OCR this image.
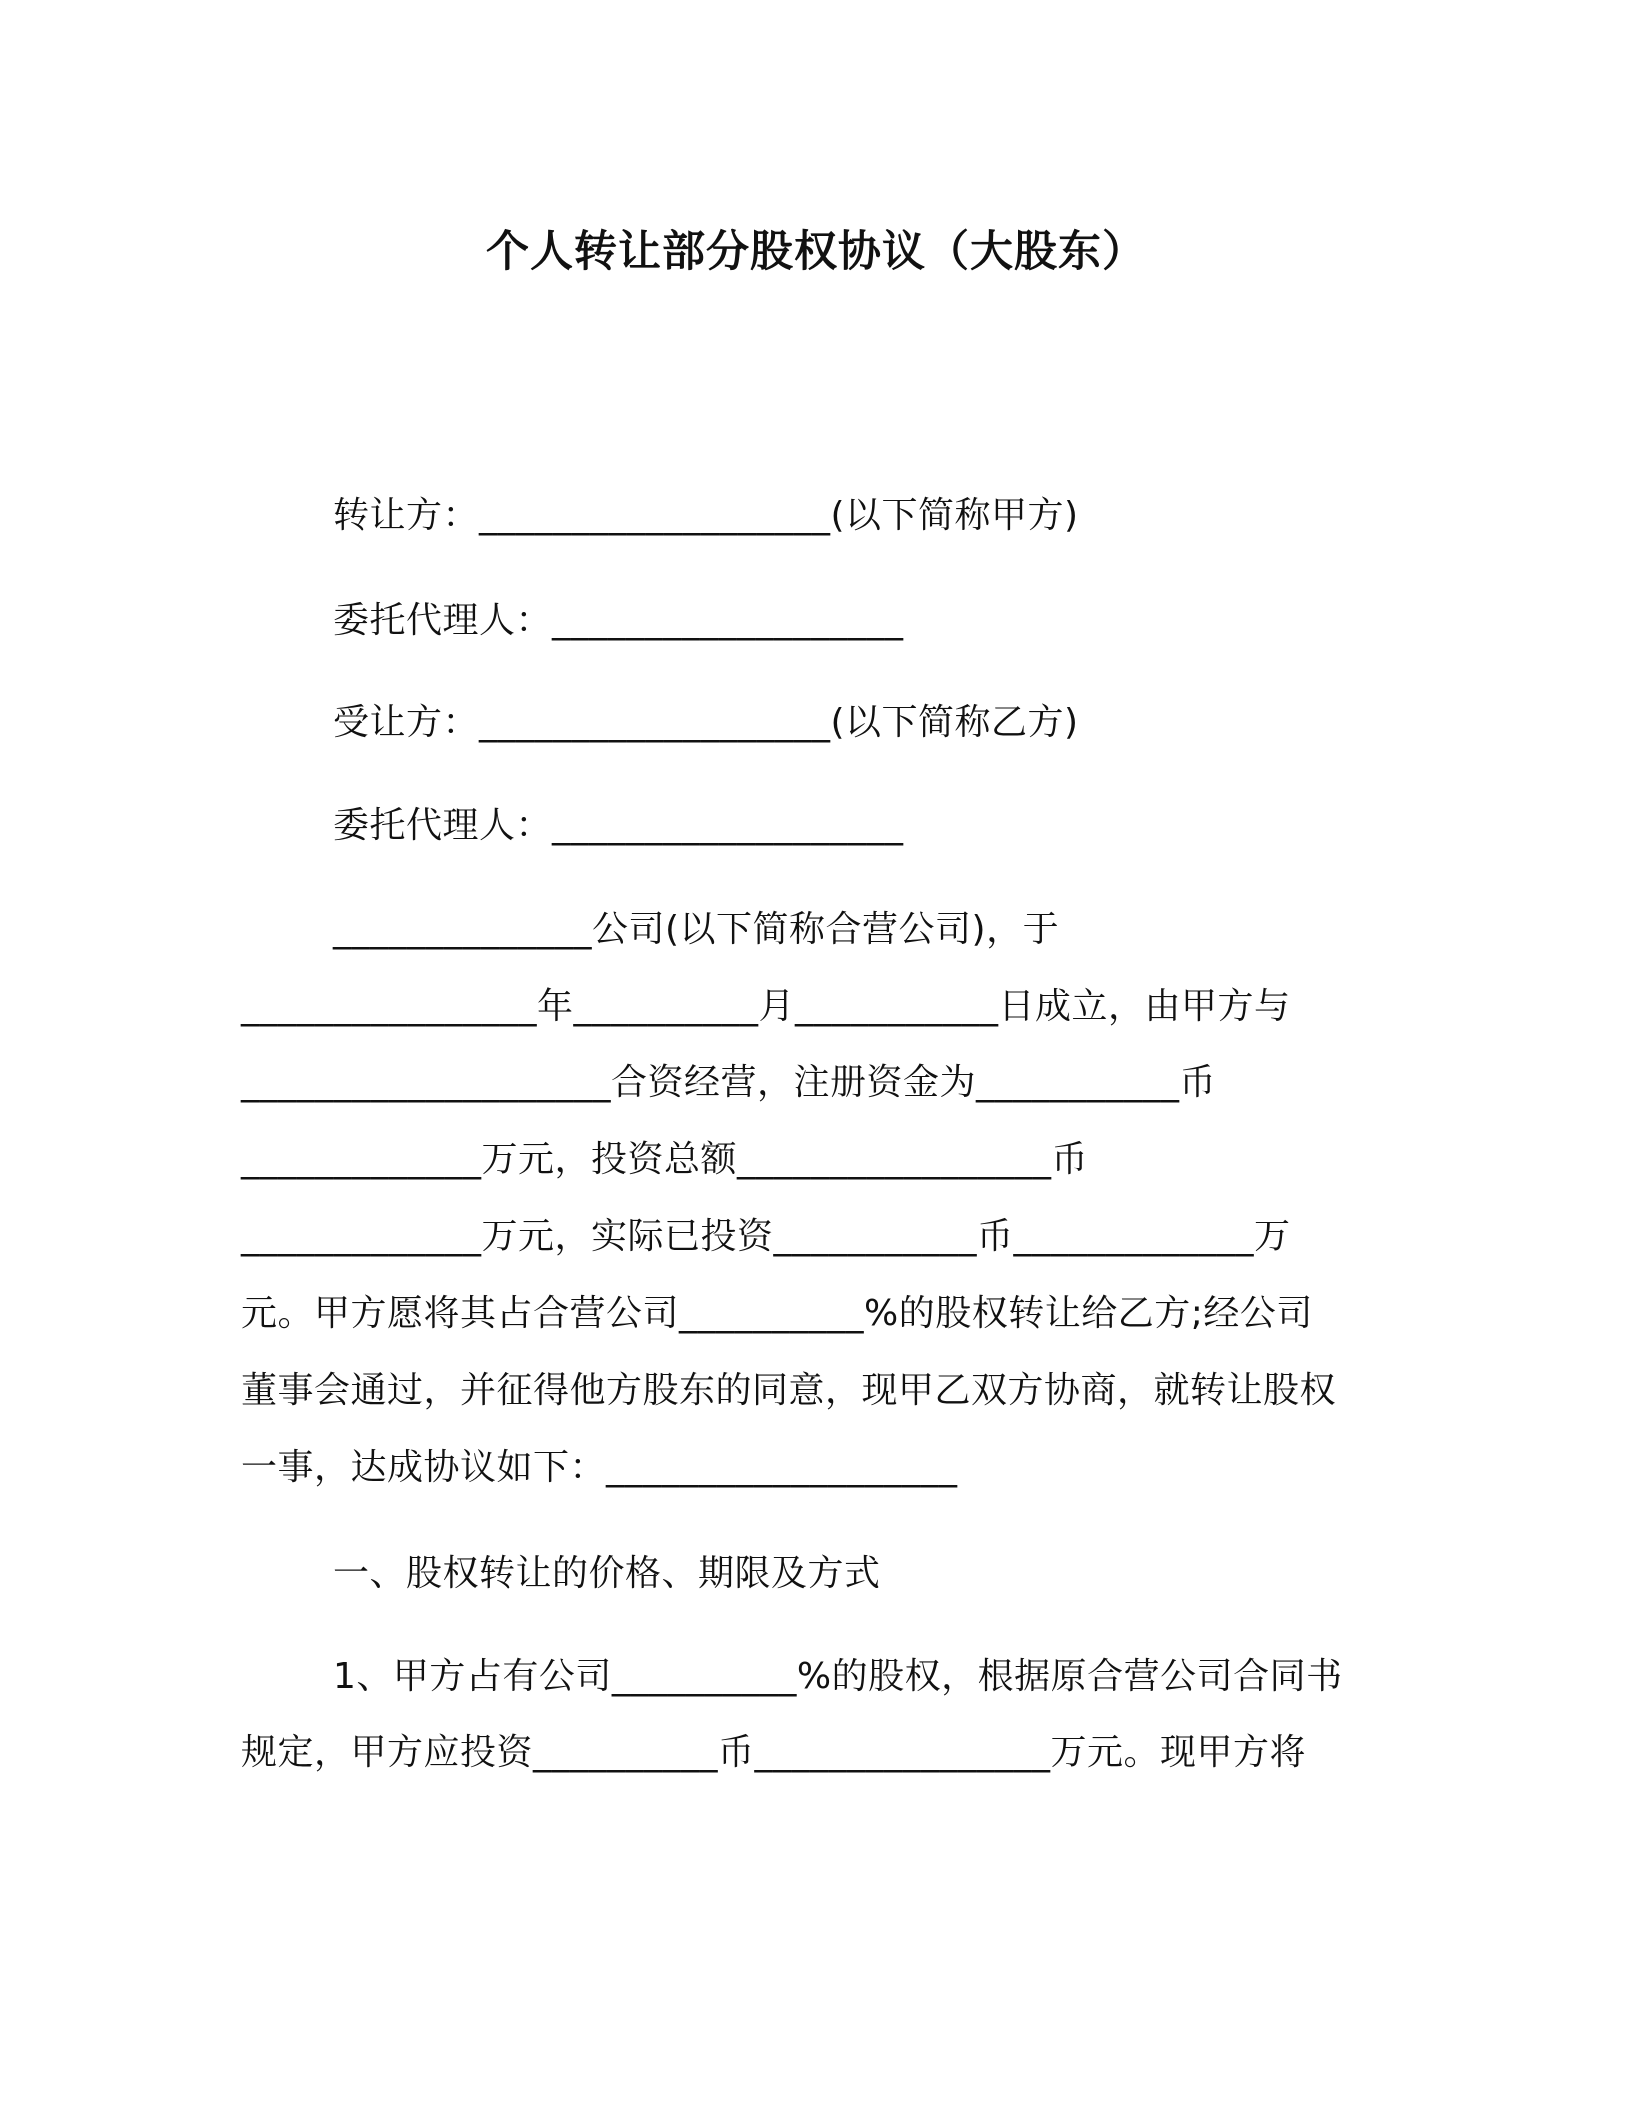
个人转让部分股权协议（大股东）
转让方：___________________(以下简称甲方)
委托代理人：___________________
受让方：___________________(以下简称乙方)
委托代理人：___________________
______________公司(以下简称合营公司)，于
________________年__________月___________日成立，由甲方与
____________________合资经营，注册资金为___________币
_____________万元，投资总额_________________币
_____________万元，实际已投资___________币_____________万
元。甲方愿将其占合营公司__________%的股权转让给乙方;经公司
董事会通过，并征得他方股东的同意，现甲乙双方协商，就转让股权
一事，达成协议如下：___________________
一、股权转让的价格、期限及方式
1、甲方占有公司__________%的股权，根据原合营公司合同书
规定，甲方应投资__________币________________万元。现甲方将
